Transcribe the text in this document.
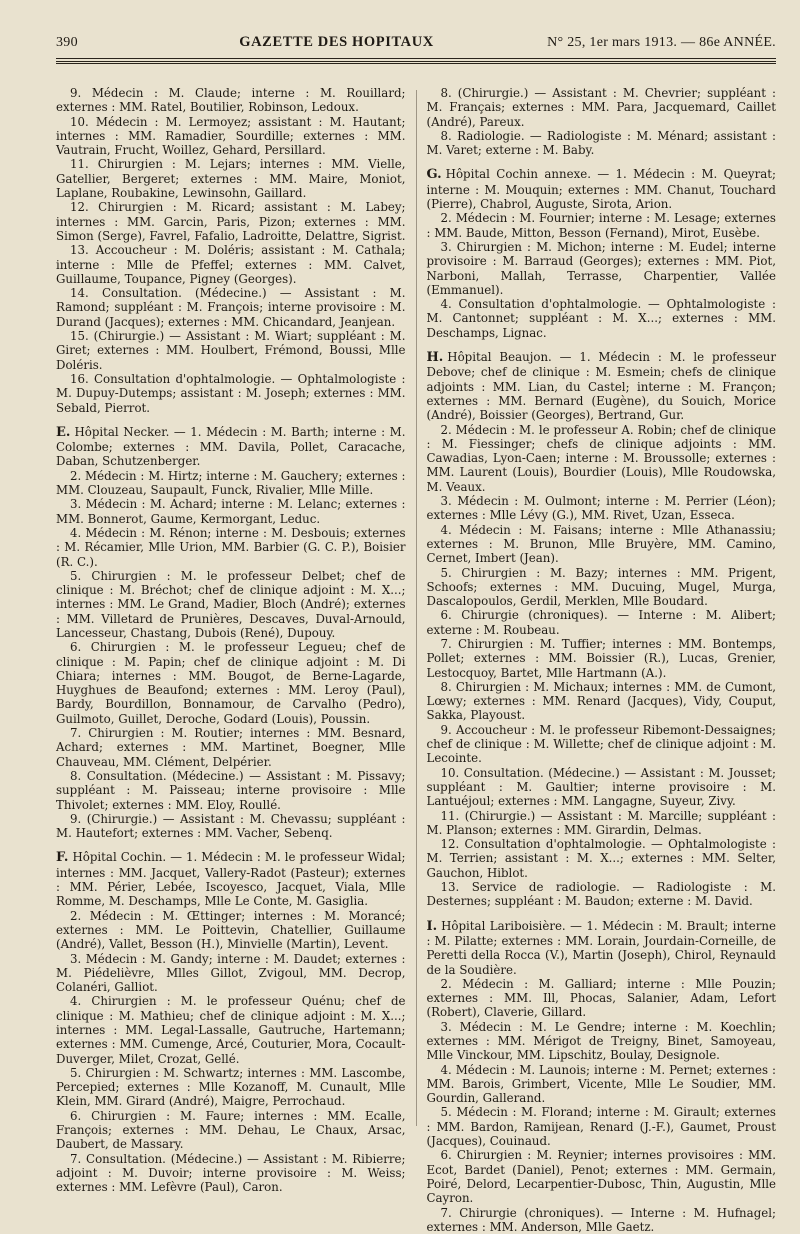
390	GAZETTE DES HOPITAUX	N° 25, 1er mars 1913. — 86e ANNÉE.

9. Médecin : M. Claude; interne : M. Rouillard; externes : MM. Ratel, Boutilier, Robinson, Ledoux.

10. Médecin : M. Lermoyez; assistant : M. Hautant; internes : MM. Ramadier, Sourdille; externes : MM. Vautrain, Frucht, Woillez, Gehard, Persillard.

11. Chirurgien : M. Lejars; internes : MM. Vielle, Gatellier, Bergeret; externes : MM. Maire, Moniot, Laplane, Roubakine, Lewinsohn, Gaillard.

12. Chirurgien : M. Ricard; assistant : M. Labey; internes : MM. Garcin, Paris, Pizon; externes : MM. Simon (Serge), Favrel, Fafalio, Ladroitte, Delattre, Sigrist.

13. Accoucheur : M. Doléris; assistant : M. Cathala; interne : Mlle de Pfeffel; externes : MM. Calvet, Guillaume, Toupance, Pigney (Georges).

14. Consultation. (Médecine.) — Assistant : M. Ramond; suppléant : M. François; interne provisoire : M. Durand (Jacques); externes : MM. Chicandard, Jeanjean.

15. (Chirurgie.) — Assistant : M. Wiart; suppléant : M. Giret; externes : MM. Houlbert, Frémond, Boussi, Mlle Doléris.

16. Consultation d'ophtalmologie. — Ophtalmologiste : M. Dupuy-Dutemps; assistant : M. Joseph; externes : MM. Sebald, Pierrot.

E. Hôpital Necker. — 1. Médecin : M. Barth; interne : M. Colombe; externes : MM. Davila, Pollet, Caracache, Daban, Schutzenberger.

2. Médecin : M. Hirtz; interne : M. Gauchery; externes : MM. Clouzeau, Saupault, Funck, Rivalier, Mlle Mille.

3. Médecin : M. Achard; interne : M. Lelanc; externes : MM. Bonnerot, Gaume, Kermorgant, Leduc.

4. Médecin : M. Rénon; interne : M. Desbouis; externes : M. Récamier, Mlle Urion, MM. Barbier (G. C. P.), Boisier (R. C.).

5. Chirurgien : M. le professeur Delbet; chef de clinique : M. Bréchot; chef de clinique adjoint : M. X...; internes : MM. Le Grand, Madier, Bloch (André); externes : MM. Villetard de Prunières, Descaves, Duval-Arnould, Lancesseur, Chastang, Dubois (René), Dupouy.

6. Chirurgien : M. le professeur Legueu; chef de clinique : M. Papin; chef de clinique adjoint : M. Di Chiara; internes : MM. Bougot, de Berne-Lagarde, Huyghues de Beaufond; externes : MM. Leroy (Paul), Bardy, Bourdillon, Bonnamour, de Carvalho (Pedro), Guilmoto, Guillet, Deroche, Godard (Louis), Poussin.

7. Chirurgien : M. Routier; internes : MM. Besnard, Achard; externes : MM. Martinet, Boegner, Mlle Chauveau, MM. Clément, Delpérier.

8. Consultation. (Médecine.) — Assistant : M. Pissavy; suppléant : M. Paisseau; interne provisoire : Mlle Thivolet; externes : MM. Eloy, Roullé.

9. (Chirurgie.) — Assistant : M. Chevassu; suppléant : M. Hautefort; externes : MM. Vacher, Sebenq.

F. Hôpital Cochin. — 1. Médecin : M. le professeur Widal; internes : MM. Jacquet, Vallery-Radot (Pasteur); externes : MM. Périer, Lebée, Iscoyesco, Jacquet, Viala, Mlle Romme, M. Deschamps, Mlle Le Conte, M. Gasiglia.

2. Médecin : M. Œttinger; internes : M. Morancé; externes : MM. Le Poittevin, Chatellier, Guillaume (André), Vallet, Besson (H.), Minvielle (Martin), Levent.

3. Médecin : M. Gandy; interne : M. Daudet; externes : M. Piédelièvre, Mlles Gillot, Zvigoul, MM. Decrop, Colanéri, Galliot.

4. Chirurgien : M. le professeur Quénu; chef de clinique : M. Mathieu; chef de clinique adjoint : M. X...; internes : MM. Legal-Lassalle, Gautruche, Hartemann; externes : MM. Cumenge, Arcé, Couturier, Mora, Cocault-Duverger, Milet, Crozat, Gellé.

5. Chirurgien : M. Schwartz; internes : MM. Lascombe, Percepied; externes : Mlle Kozanoff, M. Cunault, Mlle Klein, MM. Girard (André), Maigre, Perrochaud.

6. Chirurgien : M. Faure; internes : MM. Ecalle, François; externes : MM. Dehau, Le Chaux, Arsac, Daubert, de Massary.

7. Consultation. (Médecine.) — Assistant : M. Ribierre; adjoint : M. Duvoir; interne provisoire : M. Weiss; externes : MM. Lefèvre (Paul), Caron.

8. (Chirurgie.) — Assistant : M. Chevrier; suppléant : M. Français; externes : MM. Para, Jacquemard, Caillet (André), Pareux.

8. Radiologie. — Radiologiste : M. Ménard; assistant : M. Varet; externe : M. Baby.

G. Hôpital Cochin annexe. — 1. Médecin : M. Queyrat; interne : M. Mouquin; externes : MM. Chanut, Touchard (Pierre), Chabrol, Auguste, Sirota, Arion.

2. Médecin : M. Fournier; interne : M. Lesage; externes : MM. Baude, Mitton, Besson (Fernand), Mirot, Eusèbe.

3. Chirurgien : M. Michon; interne : M. Eudel; interne provisoire : M. Barraud (Georges); externes : MM. Piot, Narboni, Mallah, Terrasse, Charpentier, Vallée (Emmanuel).

4. Consultation d'ophtalmologie. — Ophtalmologiste : M. Cantonnet; suppléant : M. X...; externes : MM. Deschamps, Lignac.

H. Hôpital Beaujon. — 1. Médecin : M. le professeur Debove; chef de clinique : M. Esmein; chefs de clinique adjoints : MM. Lian, du Castel; interne : M. Françon; externes : MM. Bernard (Eugène), du Souich, Morice (André), Boissier (Georges), Bertrand, Gur.

2. Médecin : M. le professeur A. Robin; chef de clinique : M. Fiessinger; chefs de clinique adjoints : MM. Cawadias, Lyon-Caen; interne : M. Broussolle; externes : MM. Laurent (Louis), Bourdier (Louis), Mlle Roudowska, M. Veaux.

3. Médecin : M. Oulmont; interne : M. Perrier (Léon); externes : Mlle Lévy (G.), MM. Rivet, Uzan, Esseca.

4. Médecin : M. Faisans; interne : Mlle Athanassiu; externes : M. Brunon, Mlle Bruyère, MM. Camino, Cernet, Imbert (Jean).

5. Chirurgien : M. Bazy; internes : MM. Prigent, Schoofs; externes : MM. Ducuing, Mugel, Murga, Dascalopoulos, Gerdil, Merklen, Mlle Boudard.

6. Chirurgie (chroniques). — Interne : M. Alibert; externe : M. Roubeau.

7. Chirurgien : M. Tuffier; internes : MM. Bontemps, Pollet; externes : MM. Boissier (R.), Lucas, Grenier, Lestocquoy, Bartet, Mlle Hartmann (A.).

8. Chirurgien : M. Michaux; internes : MM. de Cumont, Lœwy; externes : MM. Renard (Jacques), Vidy, Couput, Sakka, Playoust.

9. Accoucheur : M. le professeur Ribemont-Dessaignes; chef de clinique : M. Willette; chef de clinique adjoint : M. Lecointe.

10. Consultation. (Médecine.) — Assistant : M. Jousset; suppléant : M. Gaultier; interne provisoire : M. Lantuéjoul; externes : MM. Langagne, Suyeur, Zivy.

11. (Chirurgie.) — Assistant : M. Marcille; suppléant : M. Planson; externes : MM. Girardin, Delmas.

12. Consultation d'ophtalmologie. — Ophtalmologiste : M. Terrien; assistant : M. X...; externes : MM. Selter, Gauchon, Hiblot.

13. Service de radiologie. — Radiologiste : M. Desternes; suppléant : M. Baudon; externe : M. David.

I. Hôpital Lariboisière. — 1. Médecin : M. Brault; interne : M. Pilatte; externes : MM. Lorain, Jourdain-Corneille, de Peretti della Rocca (V.), Martin (Joseph), Chirol, Reynauld de la Soudière.

2. Médecin : M. Galliard; interne : Mlle Pouzin; externes : MM. Ill, Phocas, Salanier, Adam, Lefort (Robert), Claverie, Gillard.

3. Médecin : M. Le Gendre; interne : M. Koechlin; externes : MM. Mérigot de Treigny, Binet, Samoyeau, Mlle Vinckour, MM. Lipschitz, Boulay, Designole.

4. Médecin : M. Launois; interne : M. Pernet; externes : MM. Barois, Grimbert, Vicente, Mlle Le Soudier, MM. Gourdin, Gallerand.

5. Médecin : M. Florand; interne : M. Girault; externes : MM. Bardon, Ramijean, Renard (J.-F.), Gaumet, Proust (Jacques), Couinaud.

6. Chirurgien : M. Reynier; internes provisoires : MM. Ecot, Bardet (Daniel), Penot; externes : MM. Germain, Poiré, Delord, Lecarpentier-Dubosc, Thin, Augustin, Mlle Cayron.

7. Chirurgie (chroniques). — Interne : M. Hufnagel; externes : MM. Anderson, Mlle Gaetz.
